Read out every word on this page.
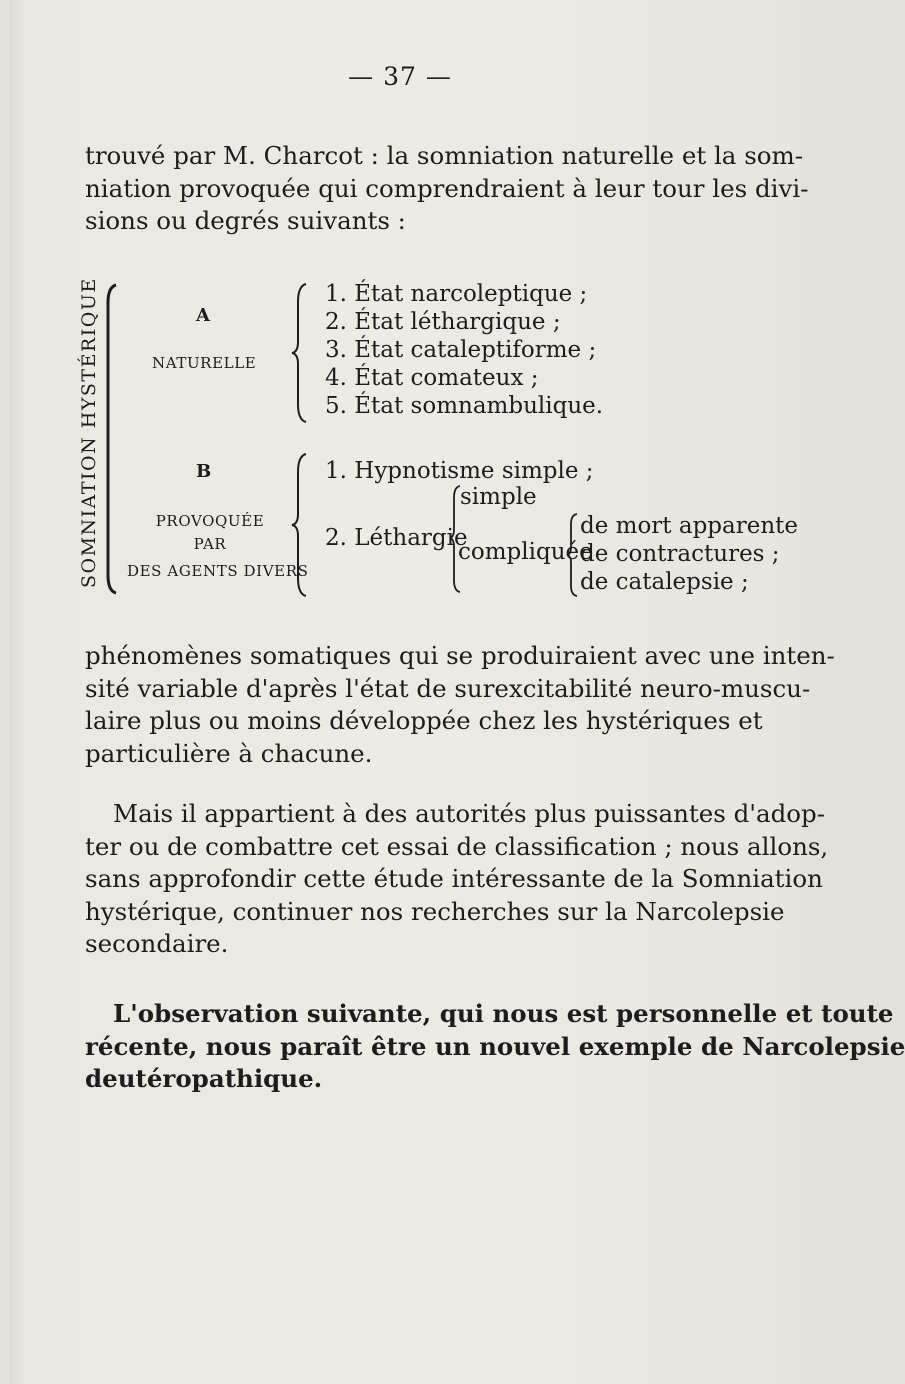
— 37 —
trouvé par M. Charcot : la somniation naturelle et la som-
niation provoquée qui comprendraient à leur tour les divi-
sions ou degrés suivants :
SOMNIATION HYSTÉRIQUE	A
NATURELLE
1. État narcoleptique ;
2. État léthargique ;
3. État cataleptiforme ;
4. État comateux ;
5. État somnambulique.
B
PROVOQUÉE
PAR
DES AGENTS DIVERS
1. Hypnotisme simple ;
2. Léthargie
simple
compliquée
de mort apparente
de contractures ;
de catalepsie ;
phénomènes somatiques qui se produiraient avec une inten-
sité variable d'après l'état de surexcitabilité neuro-muscu-
laire plus ou moins développée chez les hystériques et
particulière à chacune.
Mais il appartient à des autorités plus puissantes d'adop-
ter ou de combattre cet essai de classification ; nous allons,
sans approfondir cette étude intéressante de la Somniation
hystérique, continuer nos recherches sur la Narcolepsie
secondaire.
L'observation suivante, qui nous est personnelle et toute
récente, nous paraît être un nouvel exemple de Narcolepsie
deutéropathique.
